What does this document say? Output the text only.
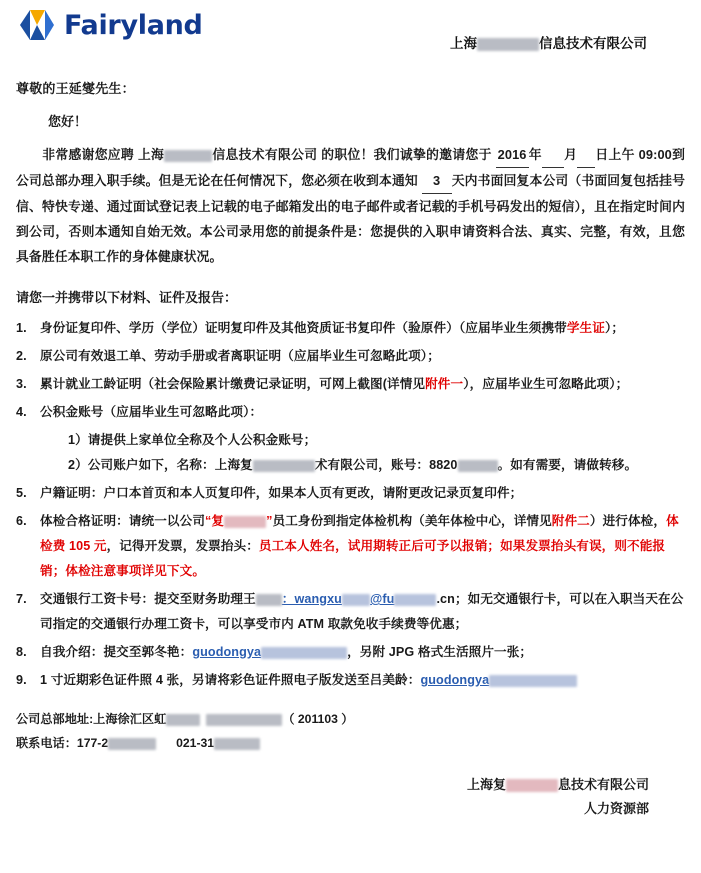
Fairyland
上海	信息技术有限公司
尊敬的王延燮先生：
您好！
非常感谢您应聘 上海	信息技术有限公司 的职位！我们诚挚的邀请您于 2016 年 月 日上午 09:00到公司总部办理入职手续。但是无论在任何情况下，您必须在收到本通知 3 天内书面回复本公司（书面回复包括挂号信、特快专递、通过面试登记表上记载的电子邮箱发出的电子邮件或者记载的手机号码发出的短信），且在指定时间内到公司，否则本通知自始无效。本公司录用您的前提条件是：您提供的入职申请资料合法、真实、完整，有效，且您具备胜任本职工作的身体健康状况。
请您一并携带以下材料、证件及报告：
1.	身份证复印件、学历（学位）证明复印件及其他资质证书复印件（验原件）（应届毕业生须携带学生证）；
2.	原公司有效退工单、劳动手册或者离职证明（应届毕业生可忽略此项）；
3.	累计就业工龄证明（社会保险累计缴费记录证明，可网上截图(详情见附件一），应届毕业生可忽略此项）；
4.	公积金账号（应届毕业生可忽略此项）：
1）请提供上家单位全称及个人公积金账号；
2）公司账户如下，名称：上海复	术有限公司，账号：8820	。如有需要，请做转移。
5.	户籍证明：户口本首页和本人页复印件，如果本人页有更改，请附更改记录页复印件；
6.	体检合格证明：请统一以公司“复	”员工身份到指定体检机构（美年体检中心，详情见附件二）进行体检，体检费 105 元，记得开发票，发票抬头：员工本人姓名，试用期转正后可予以报销；如果发票抬头有误，则不能报销；体检注意事项详见下文。
7.	交通银行工资卡号：提交至财务助理王 ：wangxu @fu	.cn；如无交通银行卡，可以在入职当天在公司指定的交通银行办理工资卡，可以享受市内 ATM 取款免收手续费等优惠；
8.	自我介绍：提交至郭冬艳：guodongya	，另附 JPG 格式生活照片一张；
9.	1 寸近期彩色证件照 4 张，另请将彩色证件照电子版发送至吕美龄：guodongya
公司总部地址:上海徐汇区虹	（ 201103 ）
联系电话：177-2	021-31
上海复	息技术有限公司
人力资源部
